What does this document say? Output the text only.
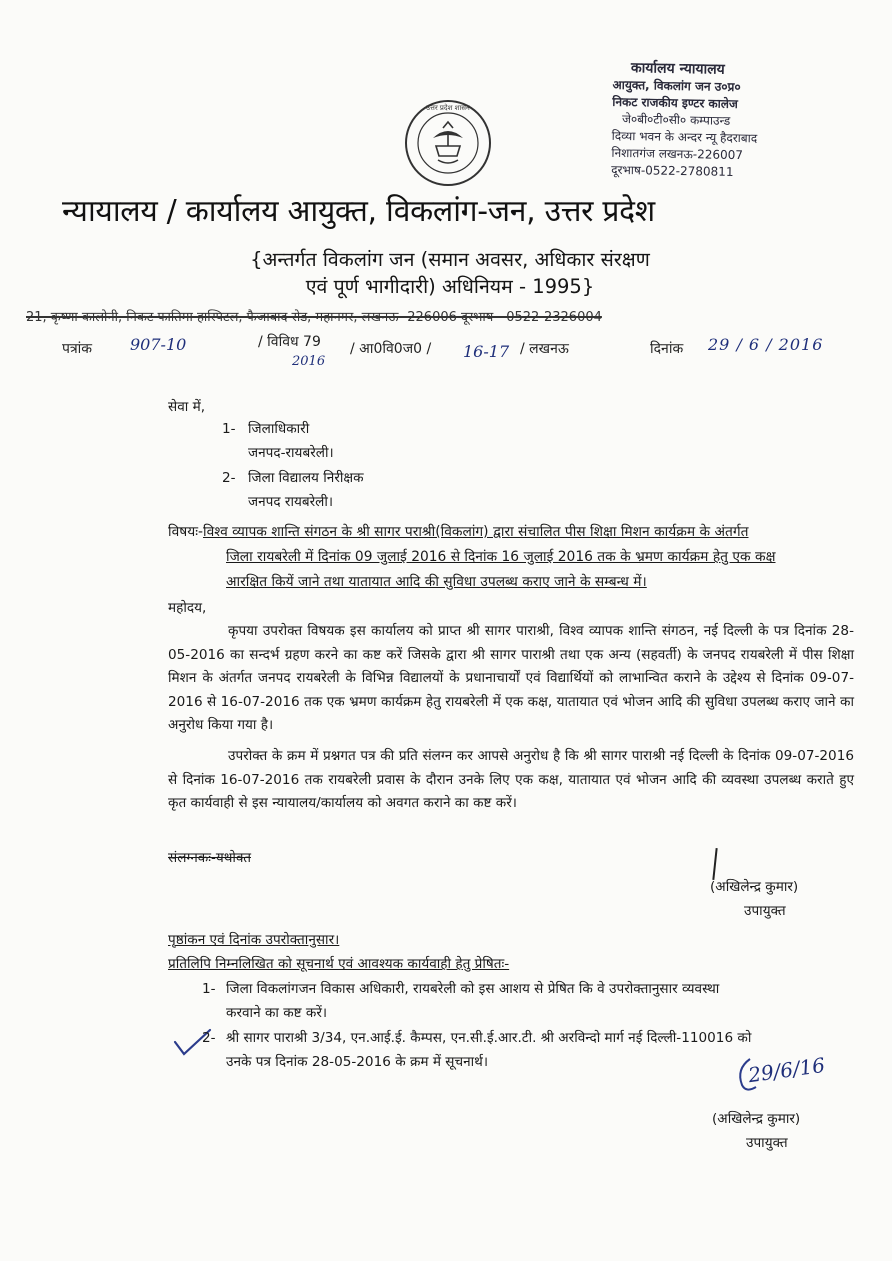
कार्यालय न्यायालय
आयुक्त, विकलांग जन उ०प्र०
निकट राजकीय इण्टर कालेज
जे०बी०टी०सी० कम्पाउन्ड
दिव्या भवन के अन्दर न्यू हैदराबाद
निशातगंज लखनऊ-226007
दूरभाष-0522-2780811
उत्तर प्रदेश शासन
न्यायालय / कार्यालय आयुक्त, विकलांग-जन, उत्तर प्रदेश
{अन्तर्गत विकलांग जन (समान अवसर, अधिकार संरक्षण
एवं पूर्ण भागीदारी) अधिनियम - 1995}
21, कृष्णा कालोनी, निकट फातिमा हास्पिटल, फैजाबाद रोड, महानगर, लखनऊ- 226006 दूरभाष - 0522-2326004
पत्रांक 907-10	/ विविध 79
2016
/ आ0वि0ज0 / 16-17 / लखनऊ	दिनांक 29 / 6 / 2016
सेवा में,
1- जिलाधिकारी
जनपद-रायबरेली।
2- जिला विद्यालय निरीक्षक
जनपद रायबरेली।
विषयः-विश्व व्यापक शान्ति संगठन के श्री सागर पराश्री(विकलांग) द्वारा संचालित पीस शिक्षा मिशन कार्यक्रम के अंतर्गत
जिला रायबरेली में दिनांक 09 जुलाई 2016 से दिनांक 16 जुलाई 2016 तक के भ्रमण कार्यक्रम हेतु एक कक्ष
आरक्षित कियें जाने तथा यातायात आदि की सुविधा उपलब्ध कराए जाने के सम्बन्ध में।
महोदय,
कृपया उपरोक्त विषयक इस कार्यालय को प्राप्त श्री सागर पाराश्री, विश्व व्यापक शान्ति संगठन, नई दिल्ली के पत्र दिनांक 28-05-2016 का सन्दर्भ ग्रहण करने का कष्ट करें जिसके द्वारा श्री सागर पाराश्री तथा एक अन्य (सहवर्ती) के जनपद रायबरेली में पीस शिक्षा मिशन के अंतर्गत जनपद रायबरेली के विभिन्न विद्यालयों के प्रधानाचार्यों एवं विद्यार्थियों को लाभान्वित कराने के उद्देश्य से दिनांक 09-07-2016 से 16-07-2016 तक एक भ्रमण कार्यक्रम हेतु रायबरेली में एक कक्ष, यातायात एवं भोजन आदि की सुविधा उपलब्ध कराए जाने का अनुरोध किया गया है।
उपरोक्त के क्रम में प्रश्नगत पत्र की प्रति संलग्न कर आपसे अनुरोध है कि श्री सागर पाराश्री नई दिल्ली के दिनांक 09-07-2016 से दिनांक 16-07-2016 तक रायबरेली प्रवास के दौरान उनके लिए एक कक्ष, यातायात एवं भोजन आदि की व्यवस्था उपलब्ध कराते हुए कृत कार्यवाही से इस न्यायालय/कार्यालय को अवगत कराने का कष्ट करें।
संलग्नकः-यथोक्त
(अखिलेन्द्र कुमार)
उपायुक्त
पृष्ठांकन एवं दिनांक उपरोक्तानुसार।
प्रतिलिपि निम्नलिखित को सूचनार्थ एवं आवश्यक कार्यवाही हेतु प्रेषितः-
1- जिला विकलांगजन विकास अधिकारी, रायबरेली को इस आशय से प्रेषित कि वे उपरोक्तानुसार व्यवस्था
करवाने का कष्ट करें।
2- श्री सागर पाराश्री 3/34, एन.आई.ई. कैम्पस, एन.सी.ई.आर.टी. श्री अरविन्दो मार्ग नई दिल्ली-110016 को
उनके पत्र दिनांक 28-05-2016 के क्रम में सूचनार्थ।	29/6/16
(अखिलेन्द्र कुमार)
उपायुक्त
